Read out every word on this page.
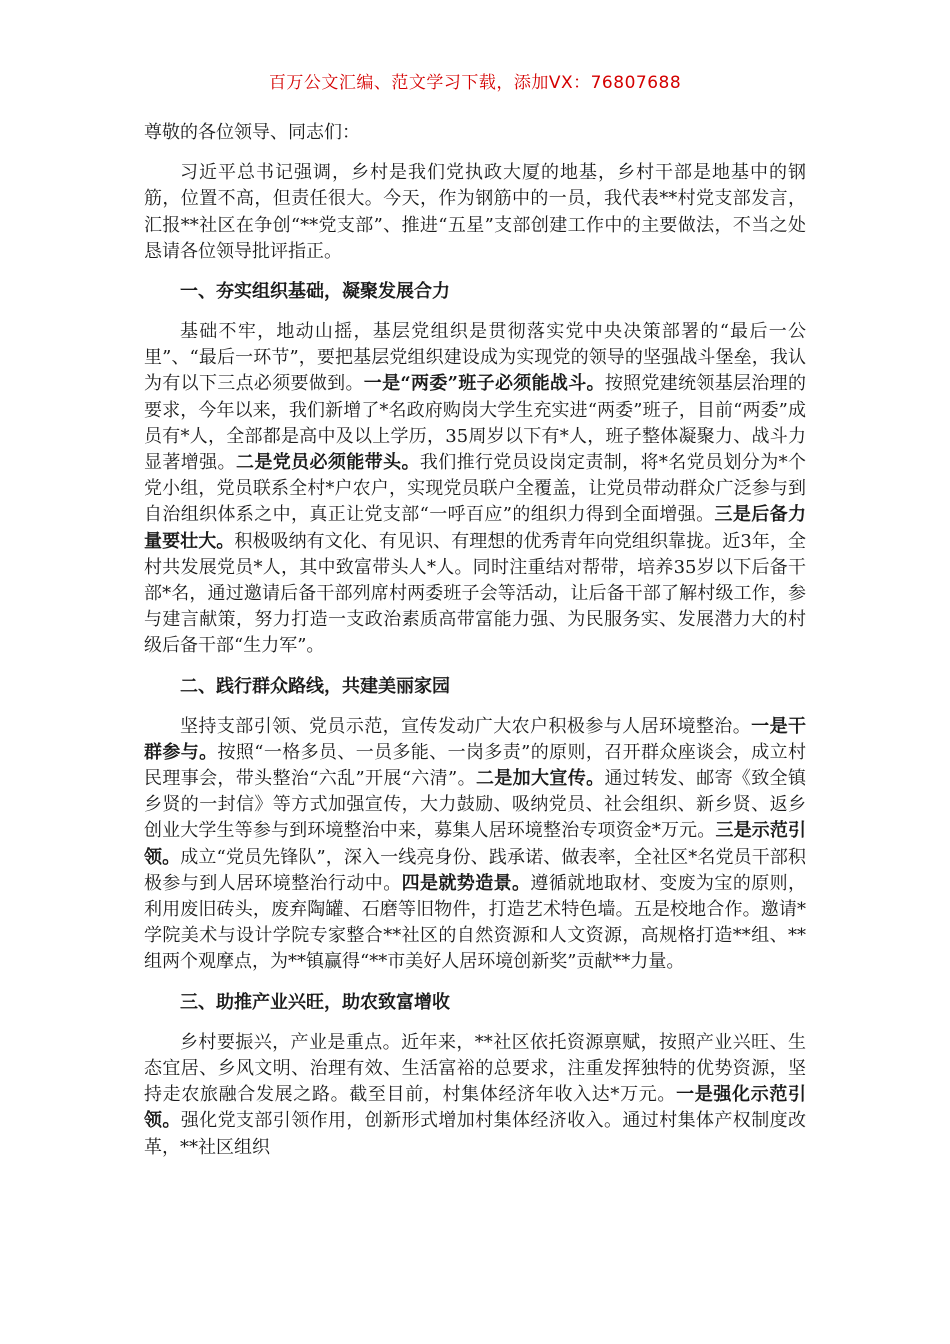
百万公文汇编、范文学习下载，添加VX：76807688
尊敬的各位领导、同志们：

习近平总书记强调，乡村是我们党执政大厦的地基，乡村干部是地基中的钢筋，位置不高，但责任很大。今天，作为钢筋中的一员，我代表**村党支部发言，汇报**社区在争创“**党支部”、推进“五星”支部创建工作中的主要做法，不当之处恳请各位领导批评指正。

一、夯实组织基础，凝聚发展合力

基础不牢，地动山摇，基层党组织是贯彻落实党中央决策部署的“最后一公里”、“最后一环节”，要把基层党组织建设成为实现党的领导的坚强战斗堡垒，我认为有以下三点必须要做到。一是“两委”班子必须能战斗。按照党建统领基层治理的要求，今年以来，我们新增了*名政府购岗大学生充实进“两委”班子，目前“两委”成员有*人，全部都是高中及以上学历，35周岁以下有*人，班子整体凝聚力、战斗力显著增强。二是党员必须能带头。我们推行党员设岗定责制，将*名党员划分为*个党小组，党员联系全村*户农户，实现党员联户全覆盖，让党员带动群众广泛参与到自治组织体系之中，真正让党支部“一呼百应”的组织力得到全面增强。三是后备力量要壮大。积极吸纳有文化、有见识、有理想的优秀青年向党组织靠拢。近3年，全村共发展党员*人，其中致富带头人*人。同时注重结对帮带，培养35岁以下后备干部*名，通过邀请后备干部列席村两委班子会等活动，让后备干部了解村级工作，参与建言献策，努力打造一支政治素质高带富能力强、为民服务实、发展潜力大的村级后备干部“生力军”。

二、践行群众路线，共建美丽家园

坚持支部引领、党员示范，宣传发动广大农户积极参与人居环境整治。一是干群参与。按照“一格多员、一员多能、一岗多责”的原则，召开群众座谈会，成立村民理事会，带头整治“六乱”开展“六清”。二是加大宣传。通过转发、邮寄《致全镇乡贤的一封信》等方式加强宣传，大力鼓励、吸纳党员、社会组织、新乡贤、返乡创业大学生等参与到环境整治中来，募集人居环境整治专项资金*万元。三是示范引领。成立“党员先锋队”，深入一线亮身份、践承诺、做表率，全社区*名党员干部积极参与到人居环境整治行动中。四是就势造景。遵循就地取材、变废为宝的原则，利用废旧砖头，废弃陶罐、石磨等旧物件，打造艺术特色墙。五是校地合作。邀请*学院美术与设计学院专家整合**社区的自然资源和人文资源，高规格打造**组、**组两个观摩点，为**镇赢得“**市美好人居环境创新奖”贡献**力量。

三、助推产业兴旺，助农致富增收

乡村要振兴，产业是重点。近年来，**社区依托资源禀赋，按照产业兴旺、生态宜居、乡风文明、治理有效、生活富裕的总要求，注重发挥独特的优势资源，坚持走农旅融合发展之路。截至目前，村集体经济年收入达*万元。一是强化示范引领。强化党支部引领作用，创新形式增加村集体经济收入。通过村集体产权制度改革，**社区组织
